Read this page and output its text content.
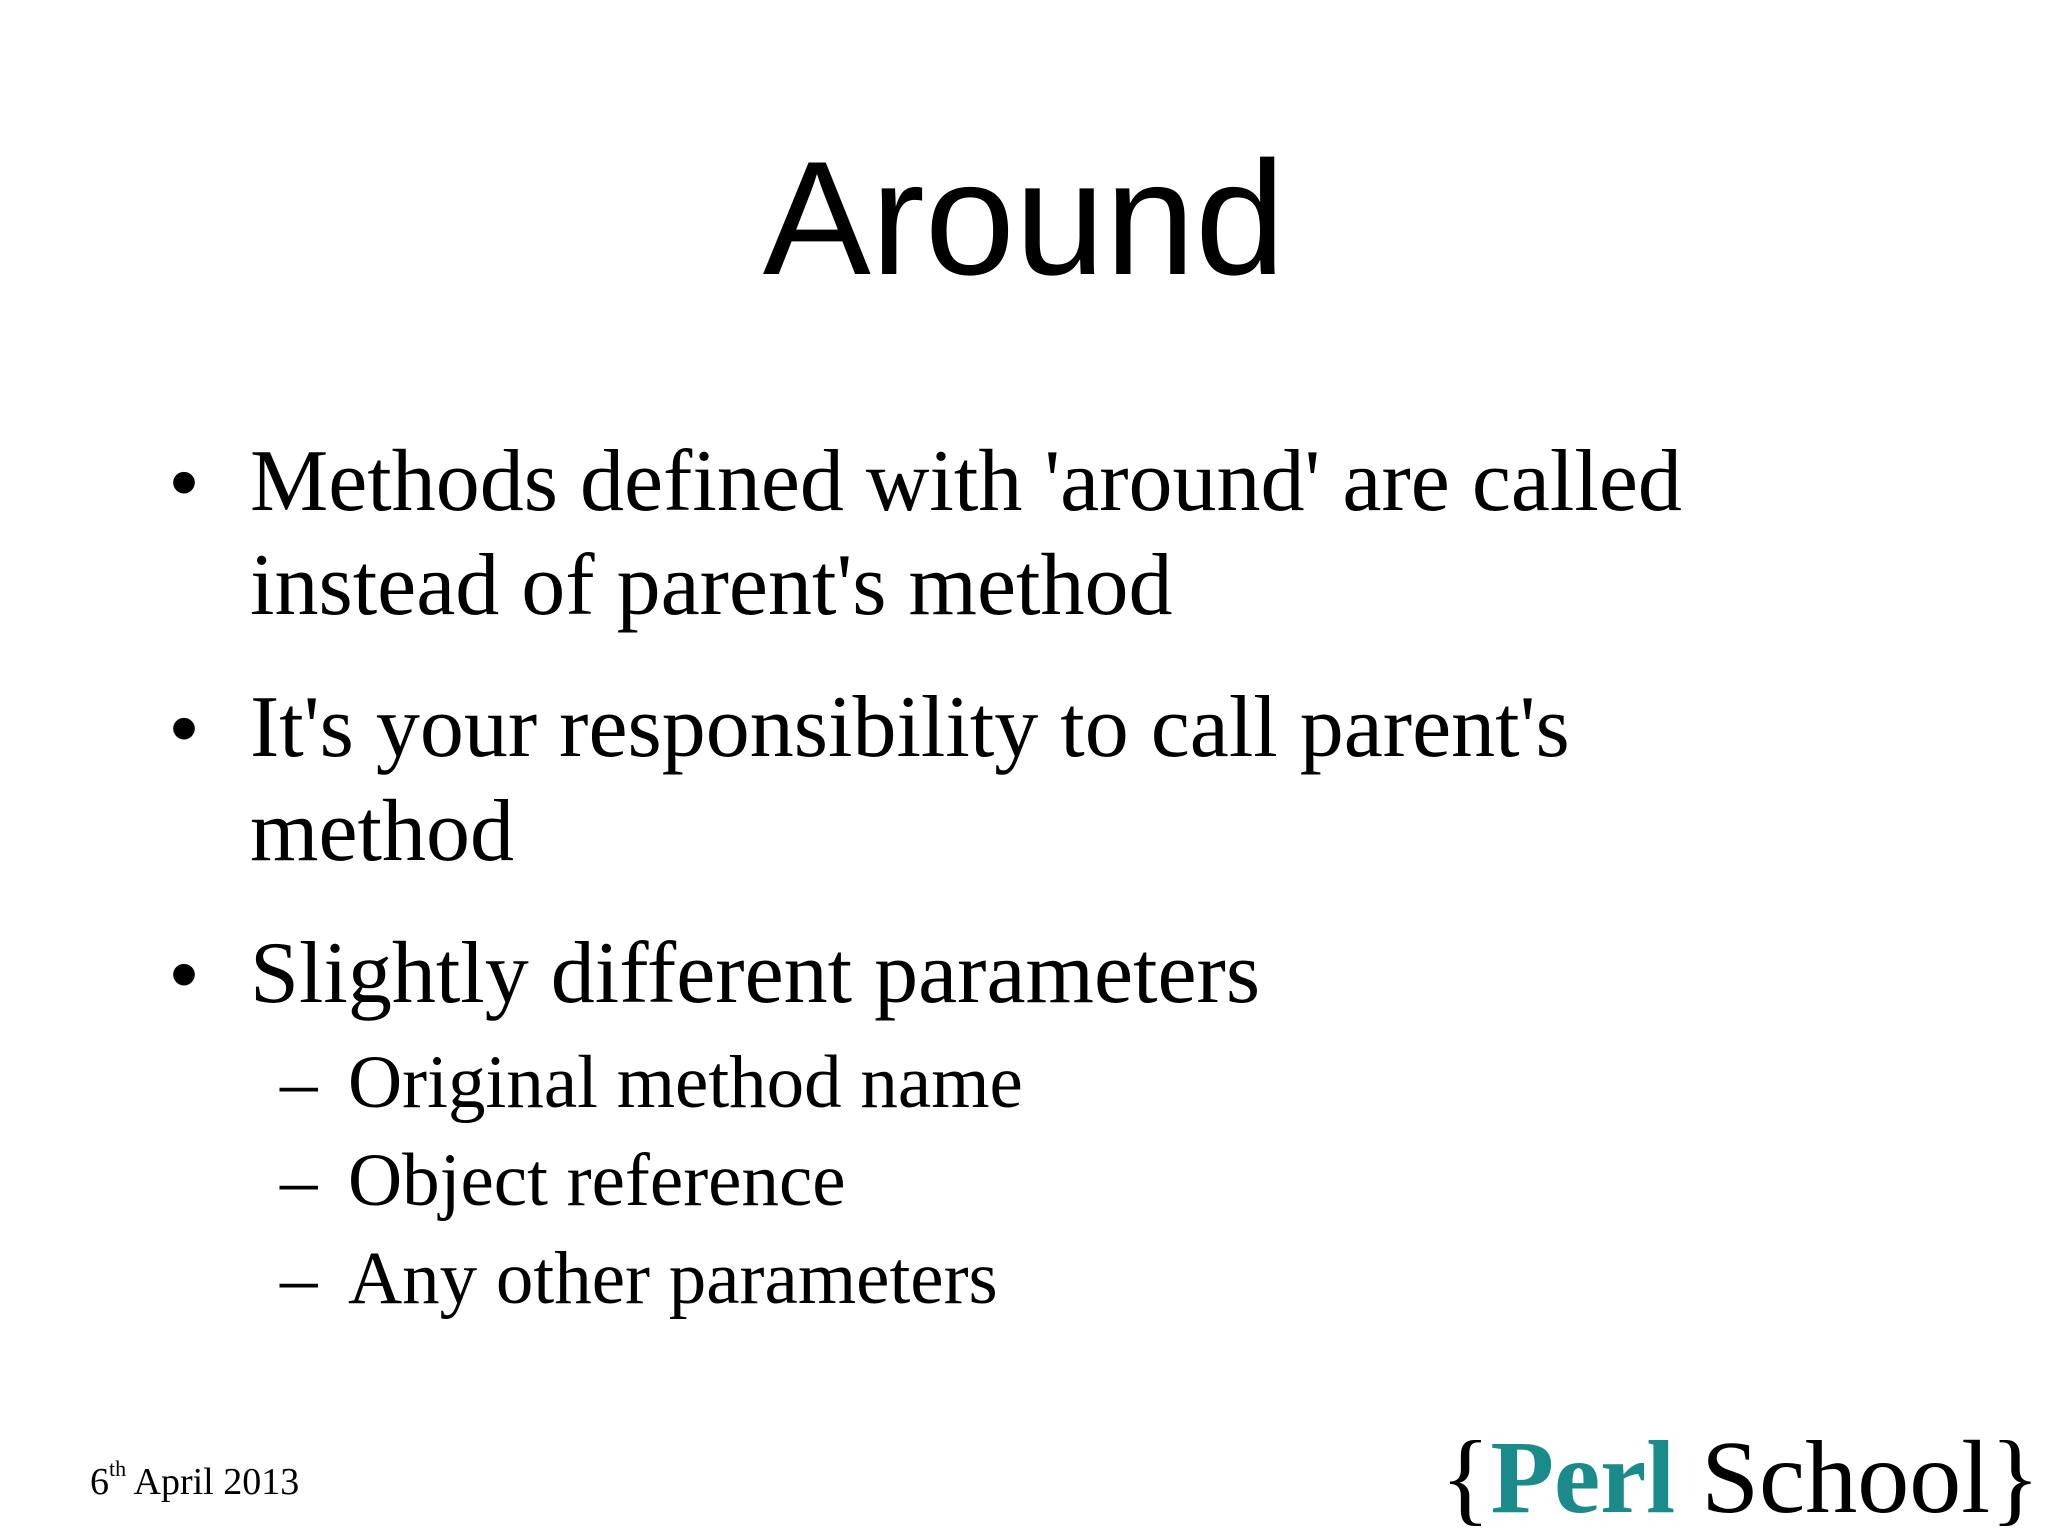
Around
• Methods defined with 'around' are called
instead of parent's method
• It's your responsibility to call parent's
method
• Slightly different parameters
– Original method name
– Object reference
– Any other parameters
6th April 2013	{Perl School}
